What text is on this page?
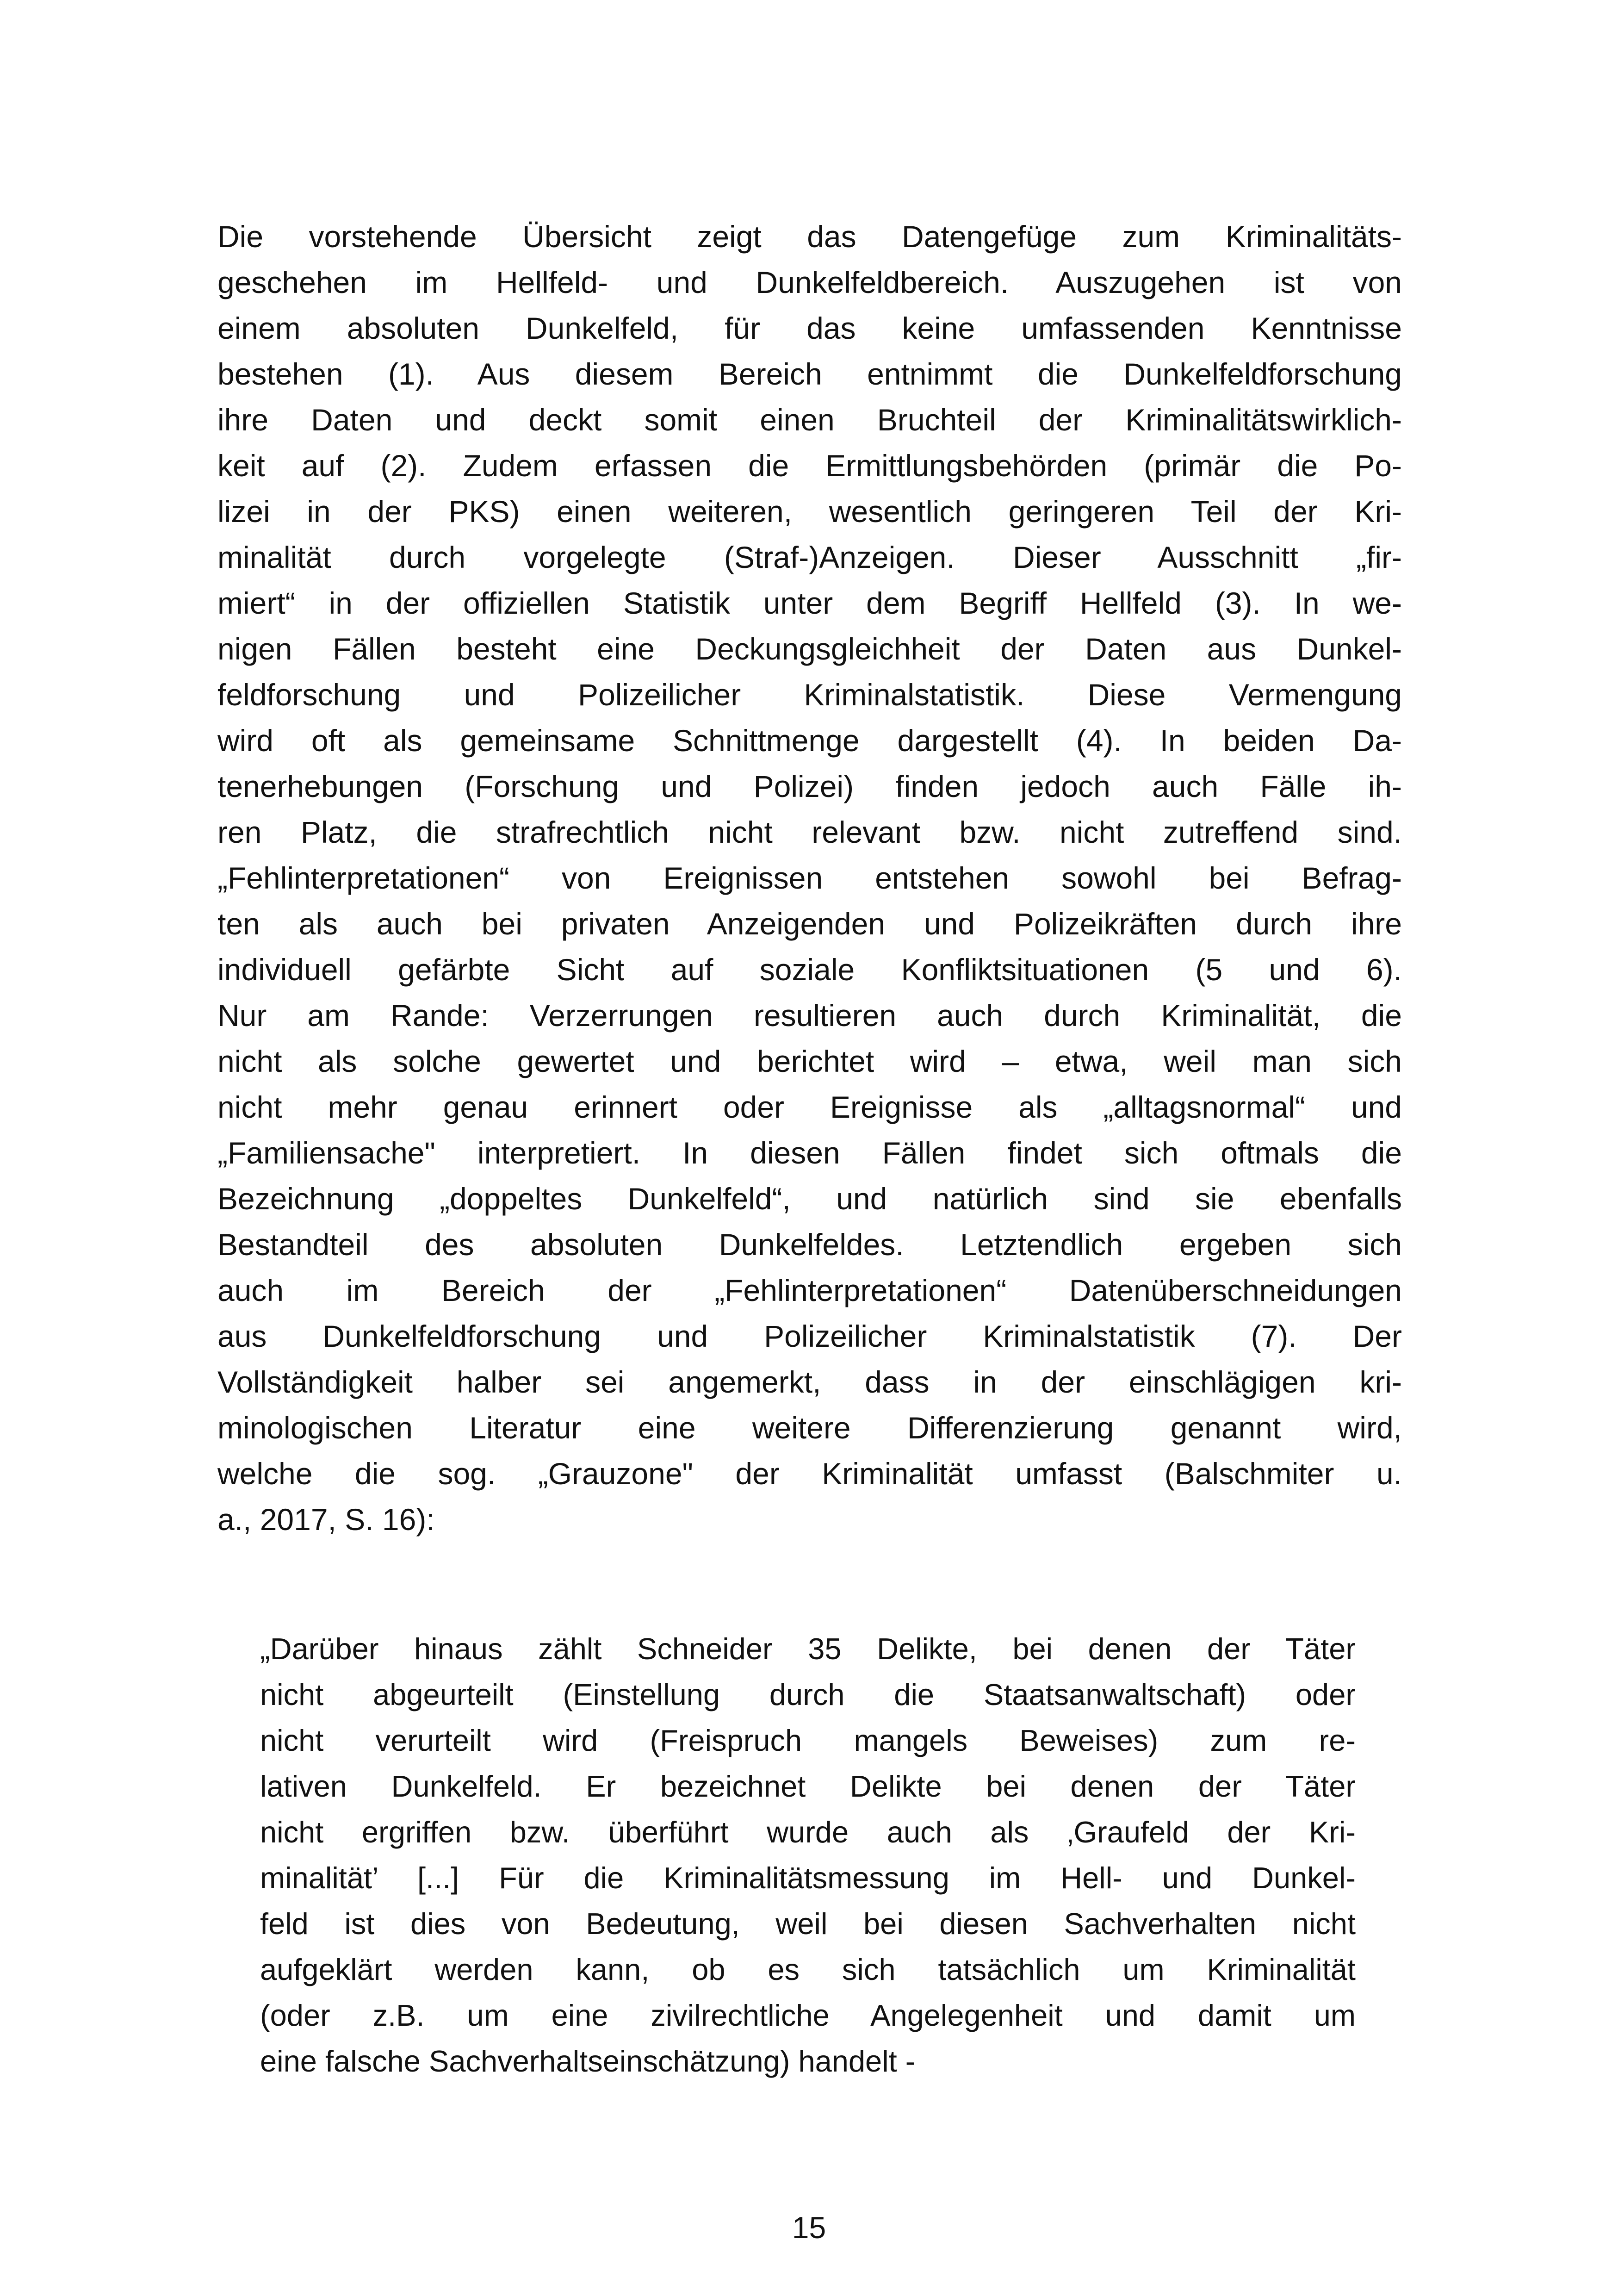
Die vorstehende Übersicht zeigt das Datengefüge zum Kriminalitäts-
geschehen im Hellfeld- und Dunkelfeldbereich. Auszugehen ist von
einem absoluten Dunkelfeld, für das keine umfassenden Kenntnisse
bestehen (1). Aus diesem Bereich entnimmt die Dunkelfeldforschung
ihre Daten und deckt somit einen Bruchteil der Kriminalitätswirklich-
keit auf (2). Zudem erfassen die Ermittlungsbehörden (primär die Po-
lizei in der PKS) einen weiteren, wesentlich geringeren Teil der Kri-
minalität durch vorgelegte (Straf-)Anzeigen. Dieser Ausschnitt „fir-
miert“ in der offiziellen Statistik unter dem Begriff Hellfeld (3). In we-
nigen Fällen besteht eine Deckungsgleichheit der Daten aus Dunkel-
feldforschung und Polizeilicher Kriminalstatistik. Diese Vermengung
wird oft als gemeinsame Schnittmenge dargestellt (4). In beiden Da-
tenerhebungen (Forschung und Polizei) finden jedoch auch Fälle ih-
ren Platz, die strafrechtlich nicht relevant bzw. nicht zutreffend sind.
„Fehlinterpretationen“ von Ereignissen entstehen sowohl bei Befrag-
ten als auch bei privaten Anzeigenden und Polizeikräften durch ihre
individuell gefärbte Sicht auf soziale Konfliktsituationen (5 und 6).
Nur am Rande: Verzerrungen resultieren auch durch Kriminalität, die
nicht als solche gewertet und berichtet wird – etwa, weil man sich
nicht mehr genau erinnert oder Ereignisse als „alltagsnormal“ und
„Familiensache" interpretiert. In diesen Fällen findet sich oftmals die
Bezeichnung „doppeltes Dunkelfeld“, und natürlich sind sie ebenfalls
Bestandteil des absoluten Dunkelfeldes. Letztendlich ergeben sich
auch im Bereich der „Fehlinterpretationen“ Datenüberschneidungen
aus Dunkelfeldforschung und Polizeilicher Kriminalstatistik (7). Der
Vollständigkeit halber sei angemerkt, dass in der einschlägigen kri-
minologischen Literatur eine weitere Differenzierung genannt wird,
welche die sog. „Grauzone" der Kriminalität umfasst (Balschmiter u.
a., 2017, S. 16):
„Darüber hinaus zählt Schneider 35 Delikte, bei denen der Täter
nicht abgeurteilt (Einstellung durch die Staatsanwaltschaft) oder
nicht verurteilt wird (Freispruch mangels Beweises) zum re-
lativen Dunkelfeld. Er bezeichnet Delikte bei denen der Täter
nicht ergriffen bzw. überführt wurde auch als ‚Graufeld der Kri-
minalität’ [...] Für die Kriminalitätsmessung im Hell- und Dunkel-
feld ist dies von Bedeutung, weil bei diesen Sachverhalten nicht
aufgeklärt werden kann, ob es sich tatsächlich um Kriminalität
(oder z.B. um eine zivilrechtliche Angelegenheit und damit um
eine falsche Sachverhaltseinschätzung) handelt -
15
